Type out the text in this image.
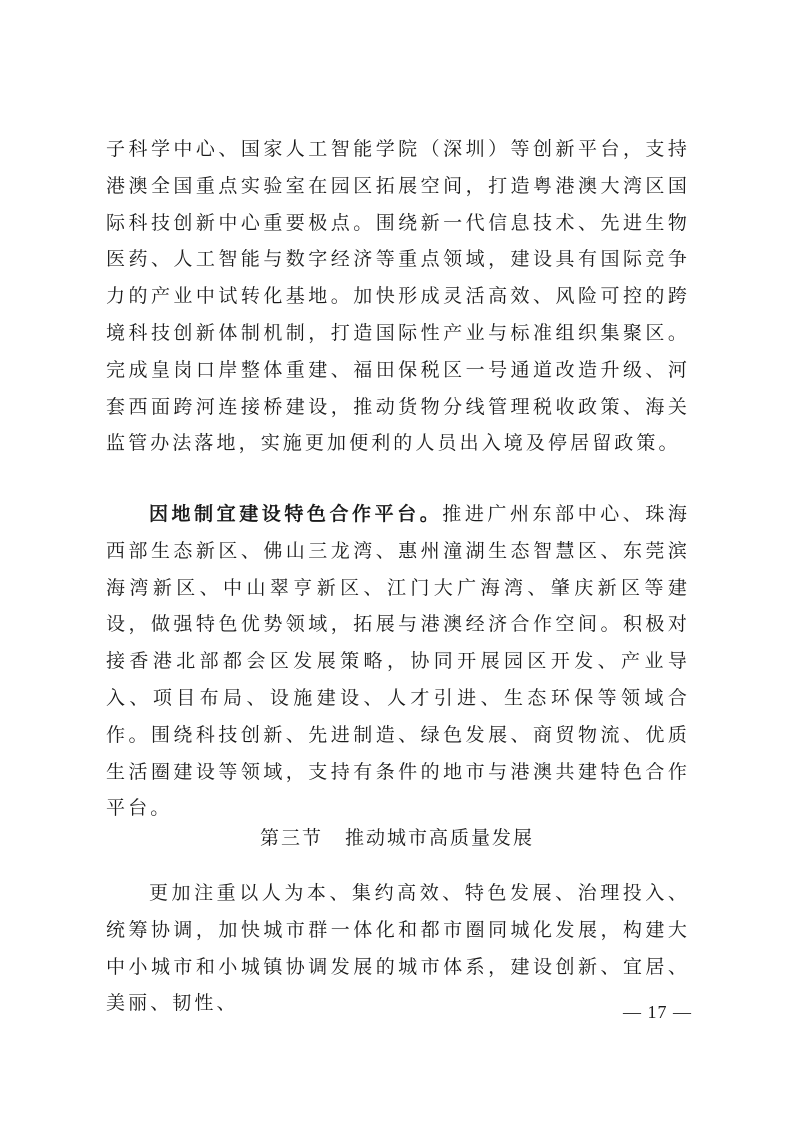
子科学中心、国家人工智能学院（深圳）等创新平台，支持港澳全国重点实验室在园区拓展空间，打造粤港澳大湾区国际科技创新中心重要极点。围绕新一代信息技术、先进生物医药、人工智能与数字经济等重点领域，建设具有国际竞争力的产业中试转化基地。加快形成灵活高效、风险可控的跨境科技创新体制机制，打造国际性产业与标准组织集聚区。完成皇岗口岸整体重建、福田保税区一号通道改造升级、河套西面跨河连接桥建设，推动货物分线管理税收政策、海关监管办法落地，实施更加便利的人员出入境及停居留政策。
因地制宜建设特色合作平台。推进广州东部中心、珠海西部生态新区、佛山三龙湾、惠州潼湖生态智慧区、东莞滨海湾新区、中山翠亨新区、江门大广海湾、肇庆新区等建设，做强特色优势领域，拓展与港澳经济合作空间。积极对接香港北部都会区发展策略，协同开展园区开发、产业导入、项目布局、设施建设、人才引进、生态环保等领域合作。围绕科技创新、先进制造、绿色发展、商贸物流、优质生活圈建设等领域，支持有条件的地市与港澳共建特色合作平台。
第三节 推动城市高质量发展
更加注重以人为本、集约高效、特色发展、治理投入、统筹协调，加快城市群一体化和都市圈同城化发展，构建大中小城市和小城镇协调发展的城市体系，建设创新、宜居、美丽、韧性、	— 17 —
